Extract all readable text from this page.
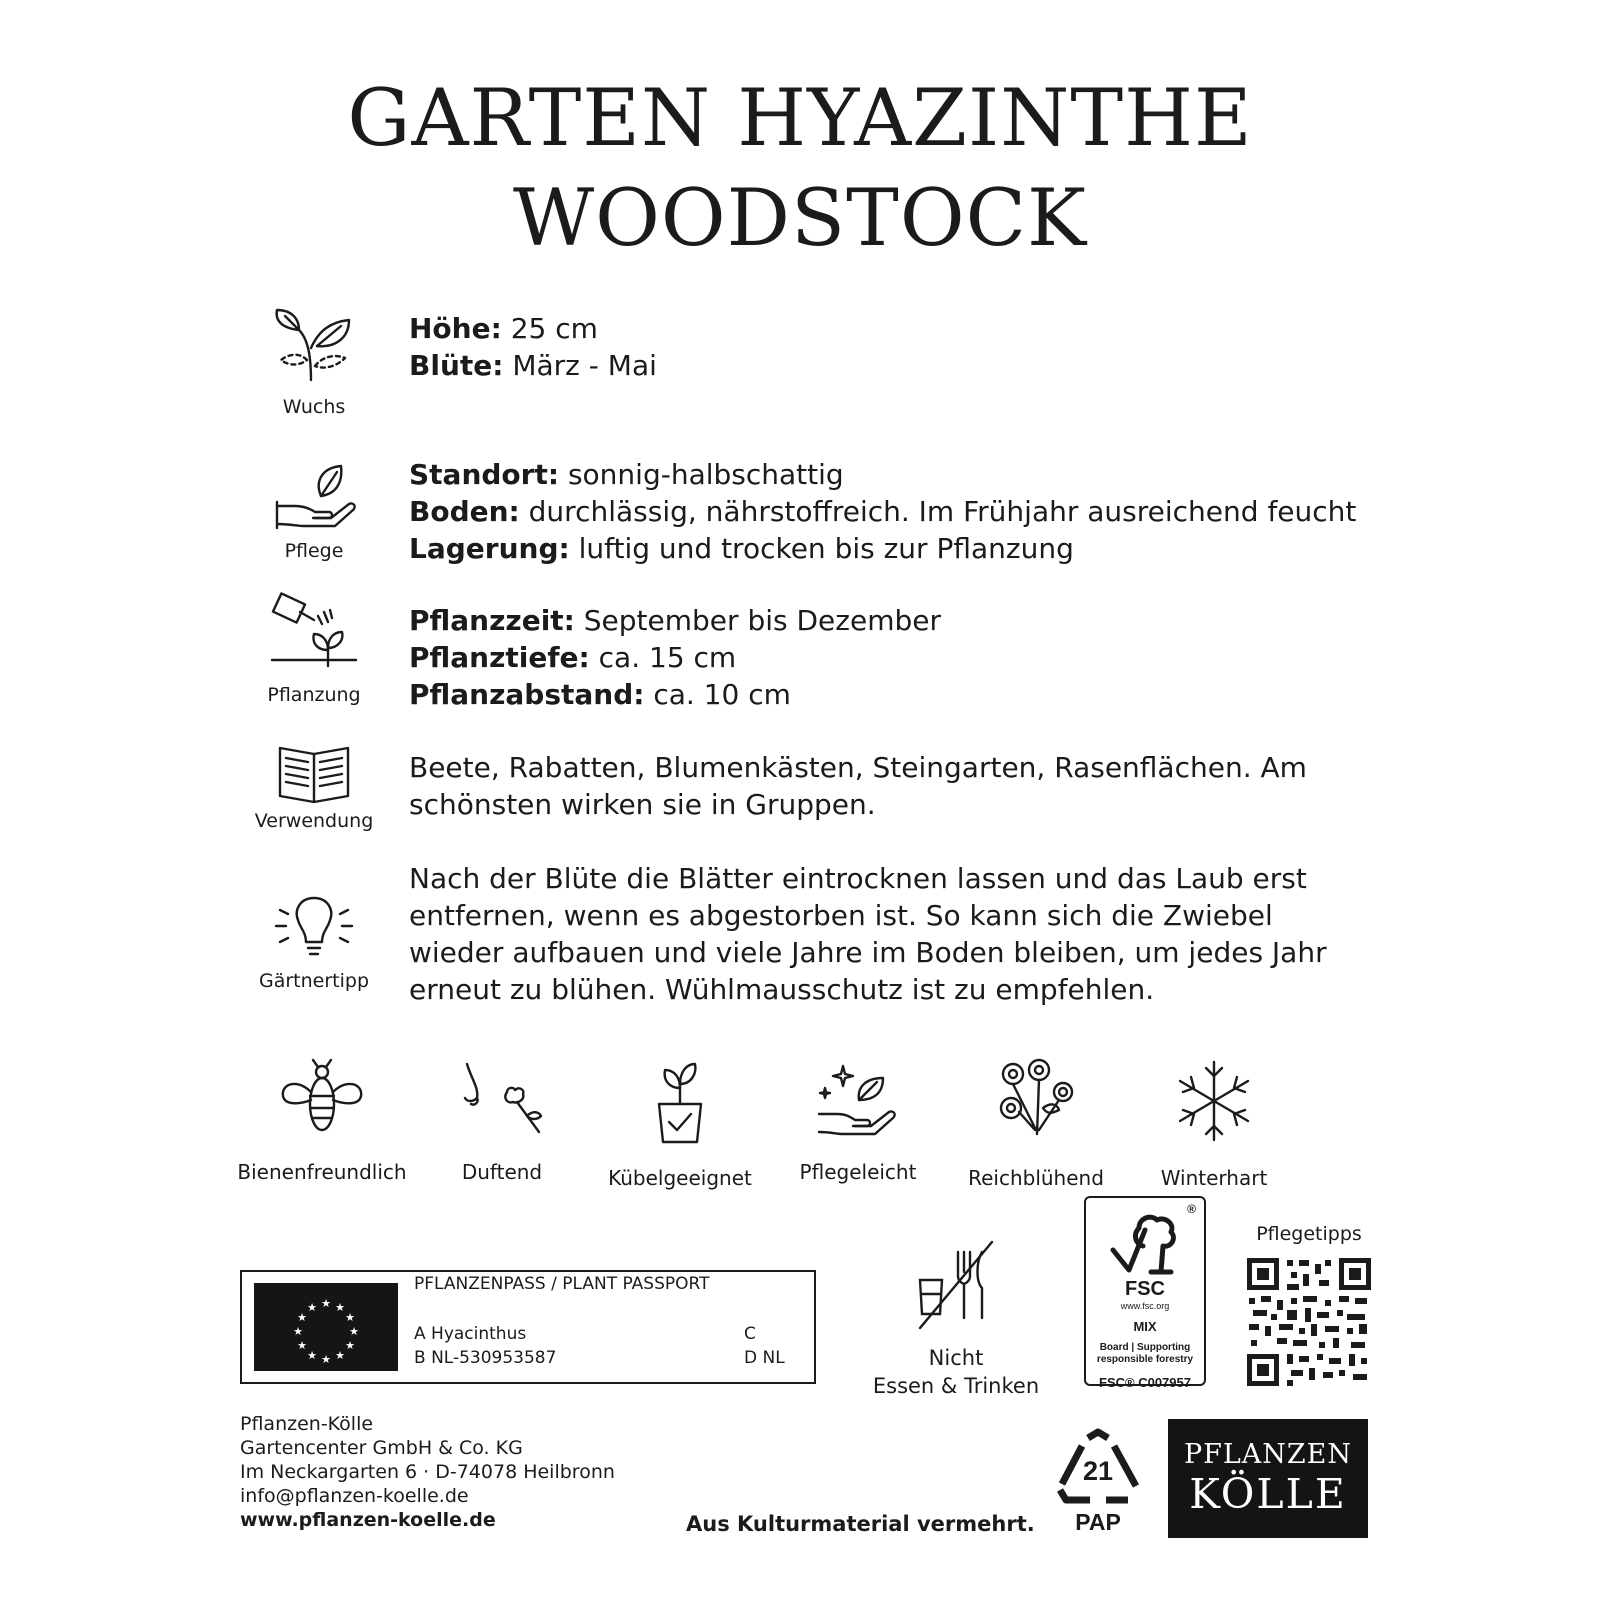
GARTEN HYAZINTHE
WOODSTOCK
Wuchs

Höhe: 25 cm

Blüte: März - Mai

Pflege

Standort: sonnig-halbschattig

Boden: durchlässig, nährstoffreich. Im Frühjahr ausreichend feucht

Lagerung: luftig und trocken bis zur Pflanzung

Pflanzung

Pflanzzeit: September bis Dezember

Pflanztiefe: ca. 15 cm

Pflanzabstand: ca. 10 cm

Verwendung

Beete, Rabatten, Blumenkästen, Steingarten, Rasenflächen. Am

schönsten wirken sie in Gruppen.

Gärtnertipp

Nach der Blüte die Blätter eintrocknen lassen und das Laub erst

entfernen, wenn es abgestorben ist. So kann sich die Zwiebel

wieder aufbauen und viele Jahre im Boden bleiben, um jedes Jahr

erneut zu blühen. Wühlmausschutz ist zu empfehlen.

Bienenfreundlich	Duftend	Kübelgeeignet	Pflegeleicht	Reichblühend	Winterhart
★ ★
★
★
★
★
★
★
★
★
★
★
PFLANZENPASS / PLANT PASSPORT
A Hyacinthus
B NL-530953587
C
D NL	Nicht
Essen & Trinken
®
FSC
www.fsc.org
MIX
Board | Supporting
responsible forestry
FSC® C007957
Pflegetipps
Pflanzen-Kölle
Gartencenter GmbH & Co. KG
Im Neckargarten 6 · D-74078 Heilbronn
info@pflanzen-koelle.de
www.pflanzen-koelle.de	Aus Kulturmaterial vermehrt.
21
PAP
PFLANZEN
KÖLLE
